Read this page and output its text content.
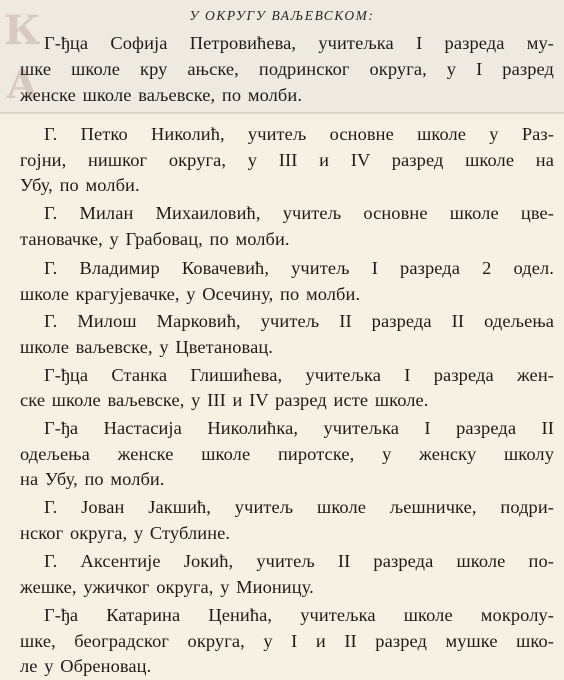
К
А
У ОКРУГУ ВАЉЕВСКОМ:
Г-ђца Софија Петровићева, учитељка I разреда му-
шке школе кру ањске, подринског округа, у I разред
женске школе ваљевске, по молби.
Г. Петко Николић, учитељ основне школе у Раз-
гојни, нишког округа, у III и IV разред школе на
Убу, по молби.
Г. Милан Михаиловић, учитељ основне школе цве-
тановачке, у Грабовац, по молби.
Г. Владимир Ковачевић, учитељ I разреда 2 одел.
школе крагујевачке, у Осечину, по молби.
Г. Милош Марковић, учитељ II разреда II одељења
школе ваљевске, у Цветановац.
Г-ђца Станка Глишићева, учитељка I разреда жен-
ске школе ваљевске, у III и IV разред исте школе.
Г-ђа Настасија Николићка, учитељка I разреда II
одељења женске школе пиротске, у женску школу
на Убу, по молби.
Г. Јован Јакшић, учитељ школе љешничке, подри-
нског округа, у Стублине.
Г. Аксентије Јокић, учитељ II разреда школе по-
жешке, ужичког округа, у Мионицу.
Г-ђа Катарина Ценића, учитељка школе мокролу-
шке, београдског округа, у I и II разред мушке шко-
ле у Обреновац.
